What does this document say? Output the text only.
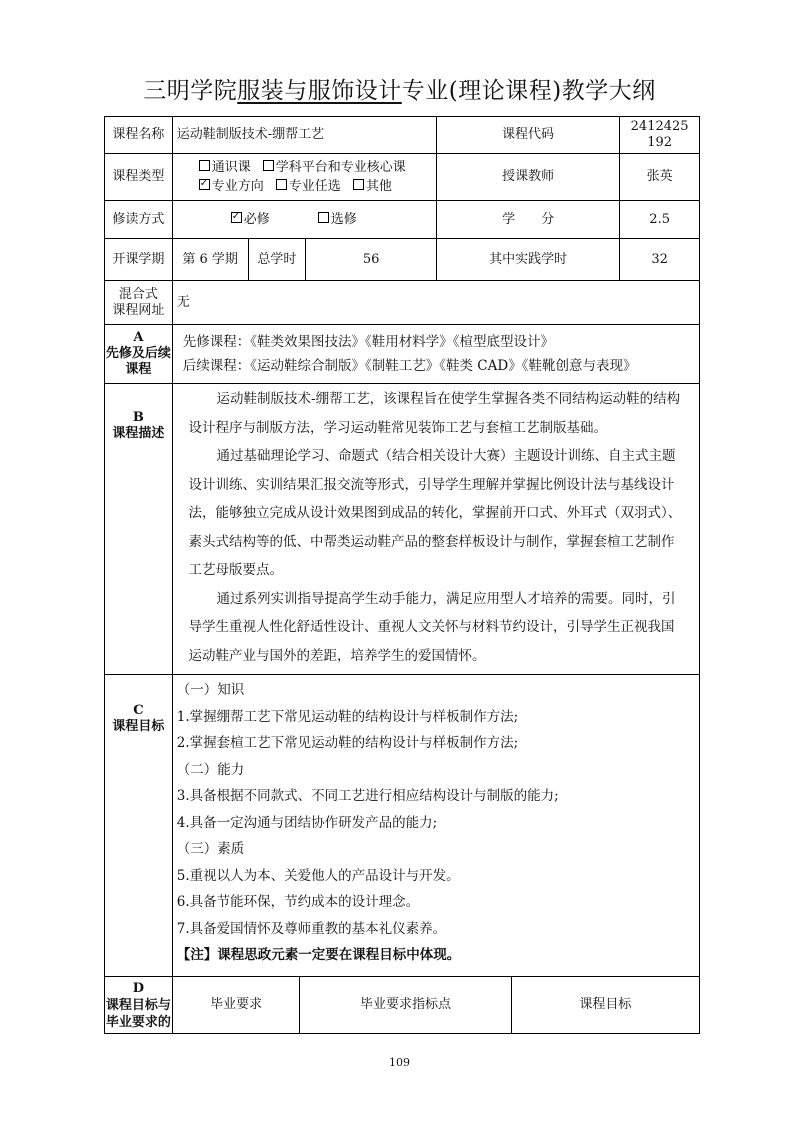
三明学院服装与服饰设计专业(理论课程)教学大纲
课程名称 运动鞋制版技术-绷帮工艺	课程代码
2412425
192
课程类型
通识课 学科平台和专业核心课
✓专业方向 专业任选 其他
授课教师	张英
修读方式
✓	必修	选修	学　　分	2.5
开课学期	第 6 学期	总学时	56	其中实践学时	32
混合式
课程网址
无
A
先修及后续
课程
先修课程：《鞋类效果图技法》《鞋用材料学》《楦型底型设计》
后续课程：《运动鞋综合制版》《制鞋工艺》《鞋类 CAD》《鞋靴创意与表现》
B
课程描述

运动鞋制版技术-绷帮工艺，该课程旨在使学生掌握各类不同结构运动鞋的结构

设计程序与制版方法，学习运动鞋常见装饰工艺与套楦工艺制版基础。

通过基础理论学习、命题式（结合相关设计大赛）主题设计训练、自主式主题

设计训练、实训结果汇报交流等形式，引导学生理解并掌握比例设计法与基线设计
法，能够独立完成从设计效果图到成品的转化，掌握前开口式、外耳式（双羽式）、
素头式结构等的低、中帮类运动鞋产品的整套样板设计与制作，掌握套楦工艺制作
工艺母版要点。

通过系列实训指导提高学生动手能力，满足应用型人才培养的需要。同时，引

导学生重视人性化舒适性设计、重视人文关怀与材料节约设计，引导学生正视我国
运动鞋产业与国外的差距，培养学生的爱国情怀。
C
课程目标
（一）知识
1.掌握绷帮工艺下常见运动鞋的结构设计与样板制作方法;
2.掌握套楦工艺下常见运动鞋的结构设计与样板制作方法;
（二）能力
3.具备根据不同款式、不同工艺进行相应结构设计与制版的能力;
4.具备一定沟通与团结协作研发产品的能力;
（三）素质
5.重视以人为本、关爱他人的产品设计与开发。
6.具备节能环保，节约成本的设计理念。
7.具备爱国情怀及尊师重教的基本礼仪素养。
【注】课程思政元素一定要在课程目标中体现。
D
课程目标与
毕业要求的
毕业要求	毕业要求指标点	课程目标
109
